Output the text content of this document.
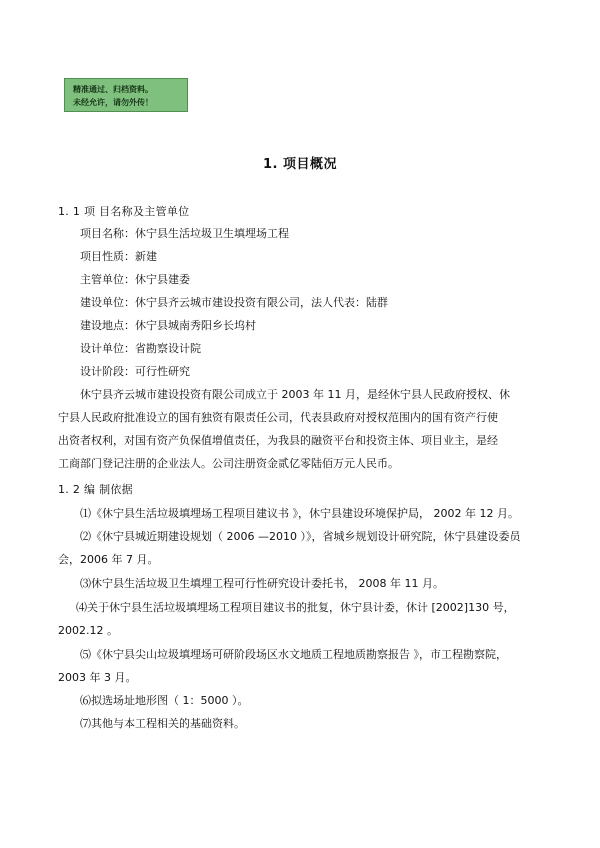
精准通过、归档资料。
未经允许，请勿外传！
1. 项目概况
1. 1 项 目名称及主管单位
项目名称：休宁县生活垃圾卫生填埋场工程
项目性质：新建
主管单位：休宁县建委
建设单位：休宁县齐云城市建设投资有限公司，法人代表：陆群
建设地点：休宁县城南秀阳乡长坞村
设计单位：省勘察设计院
设计阶段：可行性研究
休宁县齐云城市建设投资有限公司成立于 2003 年 11 月，是经休宁县人民政府授权、休
宁县人民政府批准设立的国有独资有限责任公司，代表县政府对授权范围内的国有资产行使
出资者权利，对国有资产负保值增值责任，为我县的融资平台和投资主体、项目业主，是经
工商部门登记注册的企业法人。公司注册资金贰亿零陆佰万元人民币。
1. 2 编 制依据
⑴《休宁县生活垃圾填埋场工程项目建议书 》，休宁县建设环境保护局， 2002 年 12 月。
⑵《休宁县城近期建设规划（ 2006 —2010 ）》，省城乡规划设计研究院，休宁县建设委员
会，2006 年 7 月。
⑶休宁县生活垃圾卫生填埋工程可行性研究设计委托书， 2008 年 11 月。
⑷关于休宁县生活垃圾填埋场工程项目建议书的批复，休宁县计委，休计 [2002]130 号，
2002.12 。
⑸《休宁县尖山垃圾填埋场可研阶段场区水文地质工程地质勘察报告 》，市工程勘察院，
2003 年 3 月。
⑹拟选场址地形图（ 1：5000 ）。
⑺其他与本工程相关的基础资料。
